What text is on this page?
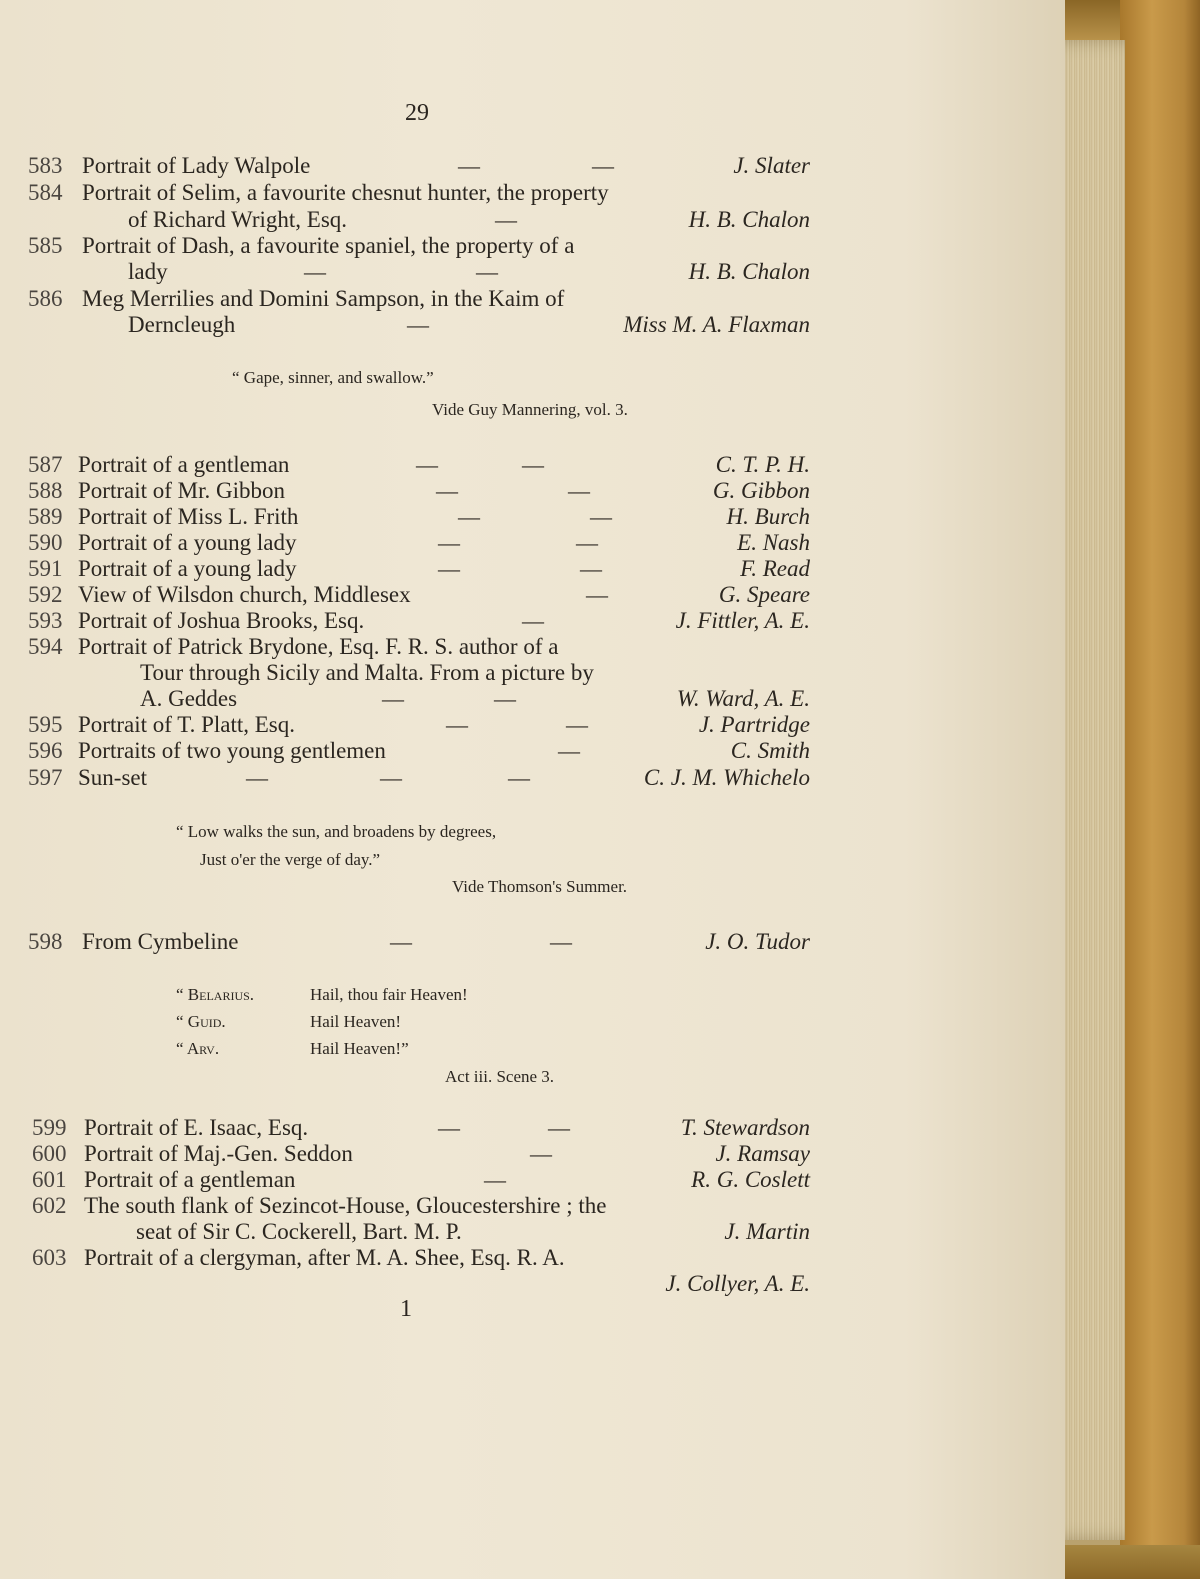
29
583 Portrait of Lady Walpole	—	—	J. Slater
584 Portrait of Selim, a favourite chesnut hunter, the property
of Richard Wright, Esq.	—	H. B. Chalon
585 Portrait of Dash, a favourite spaniel, the property of a
lady	—	—	H. B. Chalon
586 Meg Merrilies and Domini Sampson, in the Kaim of
Derncleugh	—	Miss M. A. Flaxman
“ Gape, sinner, and swallow.”
Vide Guy Mannering, vol. 3.
587 Portrait of a gentleman	—	—	C. T. P. H.
588 Portrait of Mr. Gibbon	—	—	G. Gibbon
589 Portrait of Miss L. Frith	—	—	H. Burch
590 Portrait of a young lady	—	—	E. Nash
591 Portrait of a young lady	—	—	F. Read
592 View of Wilsdon church, Middlesex	—	G. Speare
593 Portrait of Joshua Brooks, Esq.	—	J. Fittler, A. E.
594 Portrait of Patrick Brydone, Esq. F. R. S. author of a
Tour through Sicily and Malta. From a picture by
A. Geddes	—	—	W. Ward, A. E.
595 Portrait of T. Platt, Esq.	—	—	J. Partridge
596 Portraits of two young gentlemen	—	C. Smith
597 Sun-set	—	—	—	C. J. M. Whichelo
“ Low walks the sun, and broadens by degrees,
Just o'er the verge of day.”
Vide Thomson's Summer.
598 From Cymbeline	—	—	J. O. Tudor
“ Belarius.	Hail, thou fair Heaven!
“ Guid.	Hail Heaven!
“ Arv.	Hail Heaven!”
Act iii. Scene 3.
599 Portrait of E. Isaac, Esq.	—	—	T. Stewardson
600 Portrait of Maj.-Gen. Seddon	—	J. Ramsay
601 Portrait of a gentleman	—	R. G. Coslett
602 The south flank of Sezincot-House, Gloucestershire ; the
seat of Sir C. Cockerell, Bart. M. P.	J. Martin
603 Portrait of a clergyman, after M. A. Shee, Esq. R. A.
J. Collyer, A. E.
1
